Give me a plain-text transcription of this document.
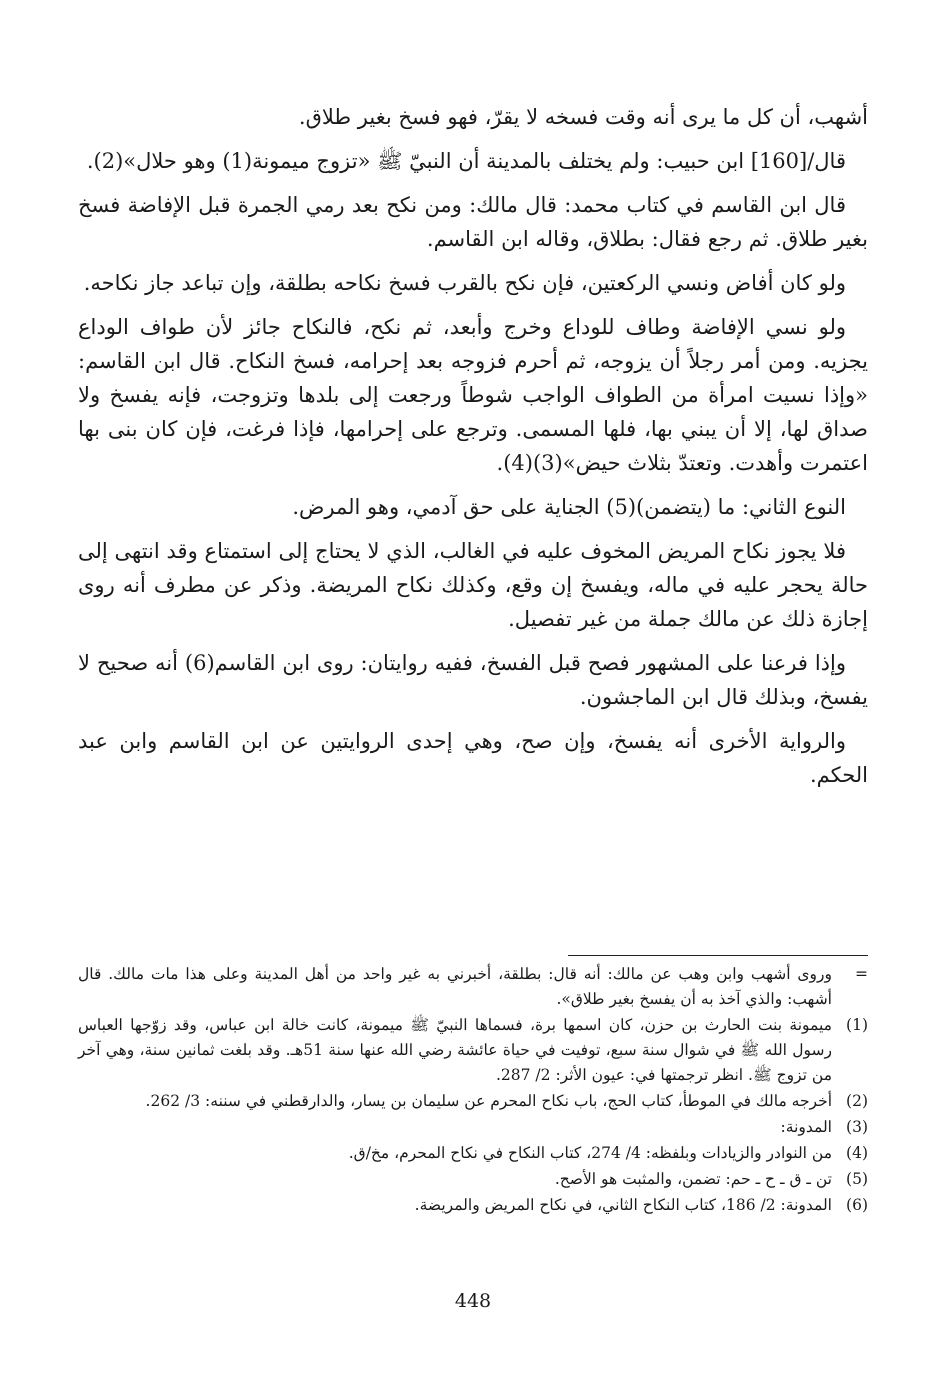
أشهب، أن كل ما يرى أنه وقت فسخه لا يقرّ، فهو فسخ بغير طلاق.

قال/[160] ابن حبيب: ولم يختلف بالمدينة أن النبيّ ﷺ «تزوج ميمونة(1) وهو حلال»(2).

قال ابن القاسم في كتاب محمد: قال مالك: ومن نكح بعد رمي الجمرة قبل الإفاضة فسخ بغير طلاق. ثم رجع فقال: بطلاق، وقاله ابن القاسم.

ولو كان أفاض ونسي الركعتين، فإن نكح بالقرب فسخ نكاحه بطلقة، وإن تباعد جاز نكاحه.

ولو نسي الإفاضة وطاف للوداع وخرج وأبعد، ثم نكح، فالنكاح جائز لأن طواف الوداع يجزيه. ومن أمر رجلاً أن يزوجه، ثم أحرم فزوجه بعد إحرامه، فسخ النكاح. قال ابن القاسم: «وإذا نسيت امرأة من الطواف الواجب شوطاً ورجعت إلى بلدها وتزوجت، فإنه يفسخ ولا صداق لها، إلا أن يبني بها، فلها المسمى. وترجع على إحرامها، فإذا فرغت، فإن كان بنى بها اعتمرت وأهدت. وتعتدّ بثلاث حيض»(3)(4).

النوع الثاني: ما (يتضمن)(5) الجناية على حق آدمي، وهو المرض.

فلا يجوز نكاح المريض المخوف عليه في الغالب، الذي لا يحتاج إلى استمتاع وقد انتهى إلى حالة يحجر عليه في ماله، ويفسخ إن وقع، وكذلك نكاح المريضة. وذكر عن مطرف أنه روى إجازة ذلك عن مالك جملة من غير تفصيل.

وإذا فرعنا على المشهور فصح قبل الفسخ، ففيه روايتان: روى ابن القاسم(6) أنه صحيح لا يفسخ، وبذلك قال ابن الماجشون.

والرواية الأخرى أنه يفسخ، وإن صح، وهي إحدى الروايتين عن ابن القاسم وابن عبد الحكم.

=
وروى أشهب وابن وهب عن مالك: أنه قال: بطلقة، أخبرني به غير واحد من أهل المدينة وعلى هذا مات مالك. قال أشهب: والذي آخذ به أن يفسخ بغير طلاق».
(1)
ميمونة بنت الحارث بن حزن، كان اسمها برة، فسماها النبيّ ﷺ ميمونة، كانت خالة ابن عباس، وقد زوّجها العباس رسول الله ﷺ في شوال سنة سبع، توفيت في حياة عائشة رضي الله عنها سنة 51هـ. وقد بلغت ثمانين سنة، وهي آخر من تزوج ﷺ. انظر ترجمتها في: عيون الأثر: 2/ 287.
(2)
أخرجه مالك في الموطأ، كتاب الحج، باب نكاح المحرم عن سليمان بن يسار، والدارقطني في سننه: 3/ 262.
(3)
المدونة:
(4)
من النوادر والزيادات وبلفظه: 4/ 274، كتاب النكاح في نكاح المحرم، مخ/ق.
(5)
تن ـ ق ـ ح ـ حم: تضمن، والمثبت هو الأصح.
(6)
المدونة: 2/ 186، كتاب النكاح الثاني، في نكاح المريض والمريضة.
448
